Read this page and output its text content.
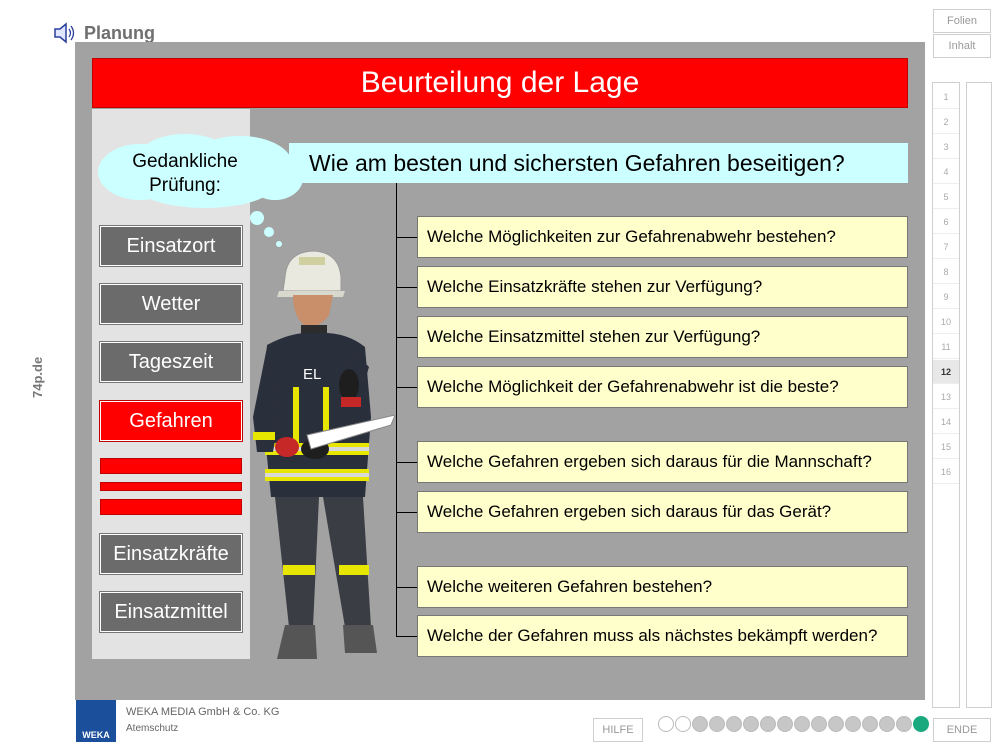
Planung
74p.de
Beurteilung der Lage
Einsatzort
Wetter
Tageszeit
Gefahren
Einsatzkräfte
Einsatzmittel
Gedankliche Prüfung:
Wie am besten und sichersten Gefahren beseitigen?
Welche Möglichkeiten zur Gefahrenabwehr bestehen?
Welche Einsatzkräfte stehen zur Verfügung?
Welche Einsatzmittel stehen zur Verfügung?
Welche Möglichkeit der Gefahrenabwehr ist die beste?
Welche Gefahren ergeben sich daraus für die Mannschaft?
Welche Gefahren ergeben sich daraus für das Gerät?
Welche weiteren Gefahren bestehen?
Welche der Gefahren muss als nächstes bekämpft werden?
EL
Folien
Inhalt
1
2
3
4
5
6
7
8
9
10
11
12
13
14
15
16
WEKA
WEKA MEDIA GmbH & Co. KG
Atemschutz	HILFE	ENDE
